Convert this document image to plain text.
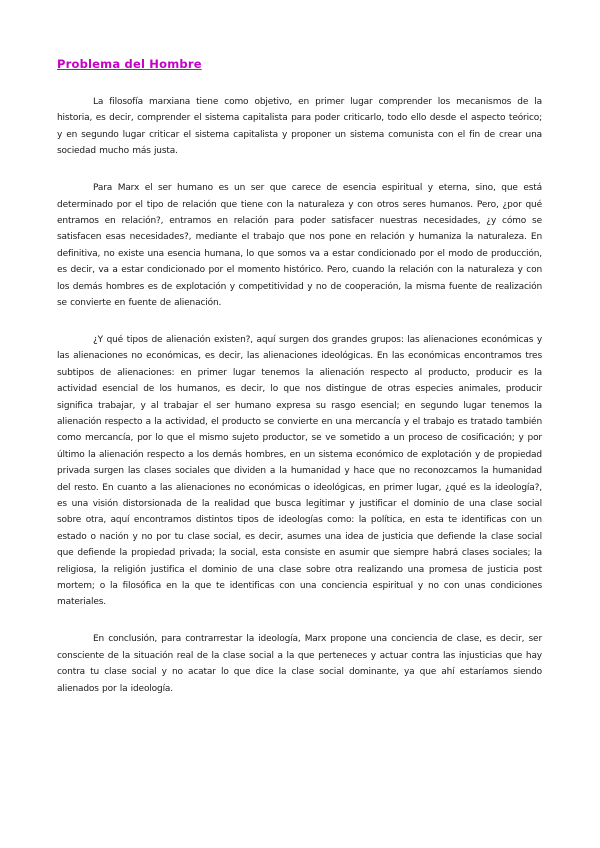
Problema del Hombre

La filosofía marxiana tiene como objetivo, en primer lugar comprender los mecanismos de la historia, es decir, comprender el sistema capitalista para poder criticarlo, todo ello desde el aspecto teórico; y en segundo lugar criticar el sistema capitalista y proponer un sistema comunista con el fin de crear una sociedad mucho más justa.

Para Marx el ser humano es un ser que carece de esencia espiritual y eterna, sino, que está determinado por el tipo de relación que tiene con la naturaleza y con otros seres humanos. Pero, ¿por qué entramos en relación?, entramos en relación para poder satisfacer nuestras necesidades, ¿y cómo se satisfacen esas necesidades?, mediante el trabajo que nos pone en relación y humaniza la naturaleza. En definitiva, no existe una esencia humana, lo que somos va a estar condicionado por el modo de producción, es decir, va a estar condicionado por el momento histórico. Pero, cuando la relación con la naturaleza y con los demás hombres es de explotación y competitividad y no de cooperación, la misma fuente de realización se convierte en fuente de alienación.

¿Y qué tipos de alienación existen?, aquí surgen dos grandes grupos: las alienaciones económicas y las alienaciones no económicas, es decir, las alienaciones ideológicas. En las económicas encontramos tres subtipos de alienaciones: en primer lugar tenemos la alienación respecto al producto, producir es la actividad esencial de los humanos, es decir, lo que nos distingue de otras especies animales, producir significa trabajar, y al trabajar el ser humano expresa su rasgo esencial; en segundo lugar tenemos la alienación respecto a la actividad, el producto se convierte en una mercancía y el trabajo es tratado también como mercancía, por lo que el mismo sujeto productor, se ve sometido a un proceso de cosificación; y por último la alienación respecto a los demás hombres, en un sistema económico de explotación y de propiedad privada surgen las clases sociales que dividen a la humanidad y hace que no reconozcamos la humanidad del resto. En cuanto a las alienaciones no económicas o ideológicas, en primer lugar, ¿qué es la ideología?, es una visión distorsionada de la realidad que busca legitimar y justificar el dominio de una clase social sobre otra, aquí encontramos distintos tipos de ideologías como: la política, en esta te identificas con un estado o nación y no por tu clase social, es decir, asumes una idea de justicia que defiende la clase social que defiende la propiedad privada; la social, esta consiste en asumir que siempre habrá clases sociales; la religiosa, la religión justifica el dominio de una clase sobre otra realizando una promesa de justicia post mortem; o la filosófica en la que te identificas con una conciencia espiritual y no con unas condiciones materiales.

En conclusión, para contrarrestar la ideología, Marx propone una conciencia de clase, es decir, ser consciente de la situación real de la clase social a la que perteneces y actuar contra las injusticias que hay contra tu clase social y no acatar lo que dice la clase social dominante, ya que ahí estaríamos siendo alienados por la ideología.
